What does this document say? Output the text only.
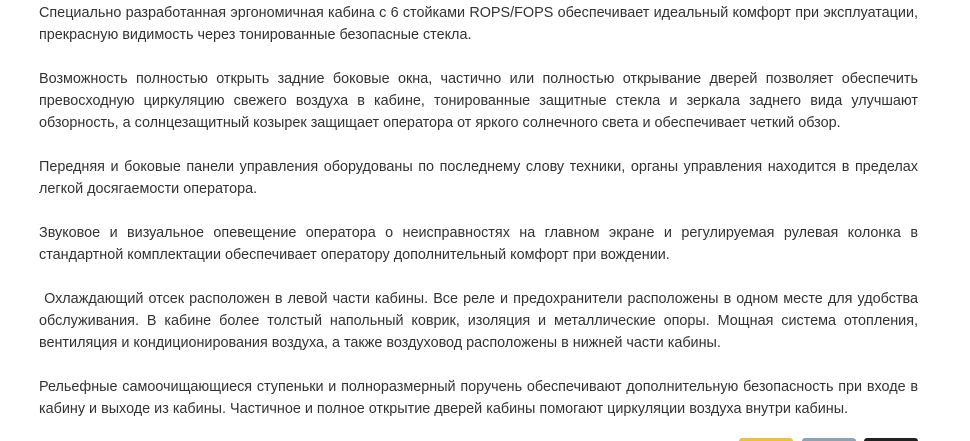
Специально разработанная эргономичная кабина с 6 стойками ROPS/FOPS обеспечивает идеальный комфорт при эксплуатации, прекрасную видимость через тонированные безопасные стекла.

Возможность полностью открыть задние боковые окна, частично или полностью открывание дверей позволяет обеспечить превосходную циркуляцию свежего воздуха в кабине, тонированные защитные стекла и зеркала заднего вида улучшают обзорность, а солнцезащитный козырек защищает оператора от яркого солнечного света и обеспечивает четкий обзор.

Передняя и боковые панели управления оборудованы по последнему слову техники, органы управления находится в пределах легкой досягаемости оператора.

Звуковое и визуальное опевещение оператора о неисправностях на главном экране и регулируемая рулевая колонка в стандартной комплектации обеспечивает оператору дополнительный комфорт при вождении.

Охлаждающий отсек расположен в левой части кабины. Все реле и предохранители расположены в одном месте для удобства обслуживания. В кабине более толстый напольный коврик, изоляция и металлические опоры. Мощная система отопления, вентиляция и кондиционирования воздуха, а также воздуховод расположены в нижней части кабины.

Рельефные самоочищающиеся ступеньки и полноразмерный поручень обеспечивают дополнительную безопасность при входе в кабину и выходе из кабины. Частичное и полное открытие дверей кабины помогают циркуляции воздуха внутри кабины.
